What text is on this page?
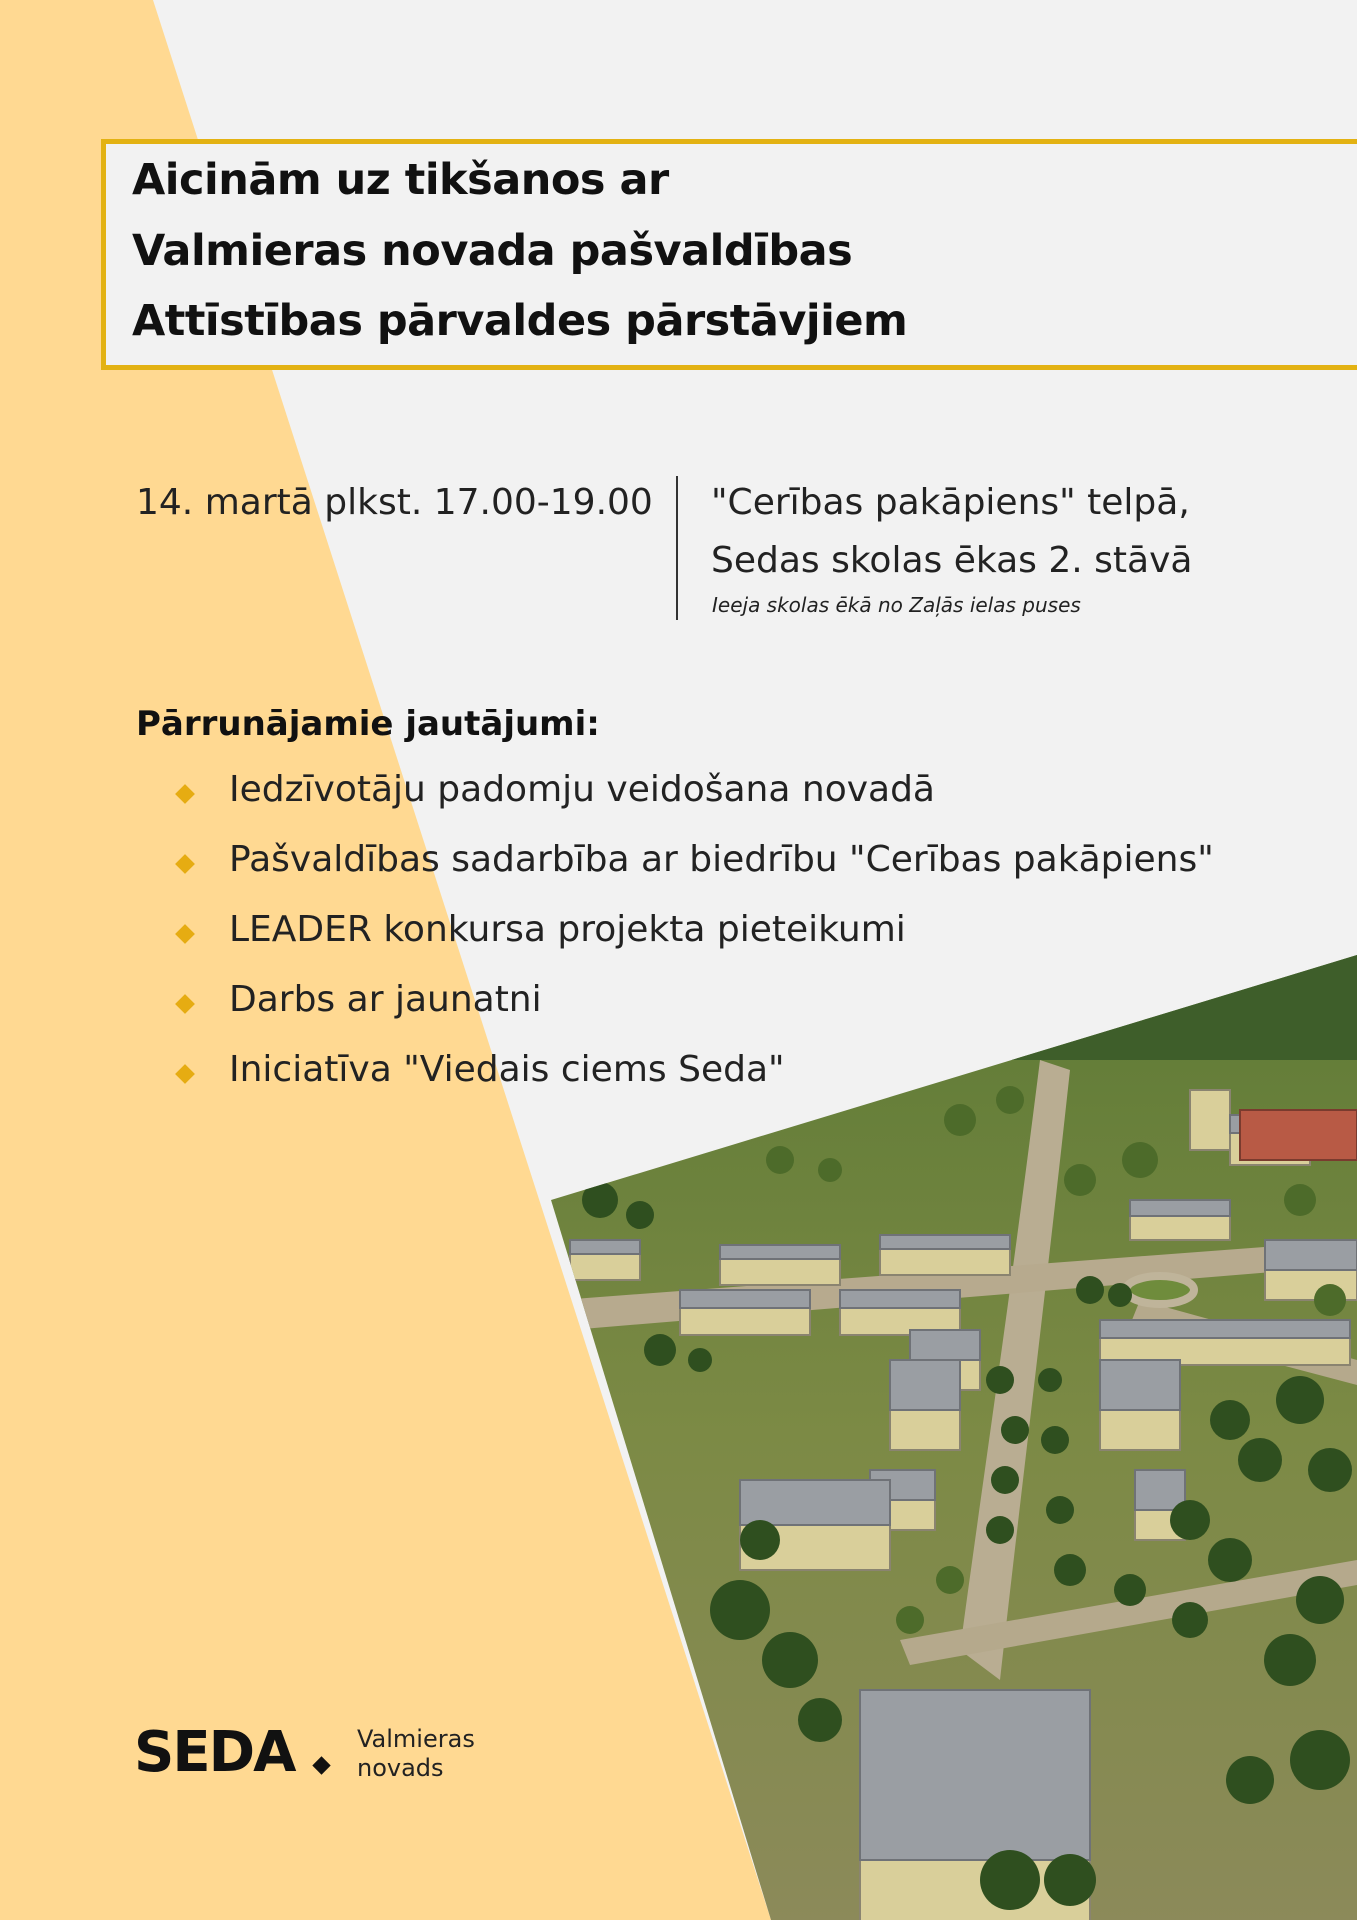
Aicinām uz tikšanos ar
Valmieras novada pašvaldības
Attīstības pārvaldes pārstāvjiem
14. martā plkst. 17.00-19.00 "Cerības pakāpiens" telpā,
Sedas skolas ēkas 2. stāvā
Ieeja skolas ēkā no Zaļās ielas puses
Pārrunājamie jautājumi:
Iedzīvotāju padomju veidošana novadā
Pašvaldības sadarbība ar biedrību "Cerības pakāpiens"
LEADER konkursa projekta pieteikumi
Darbs ar jaunatni
Iniciatīva "Viedais ciems Seda"
SEDA	Valmieras
novads
